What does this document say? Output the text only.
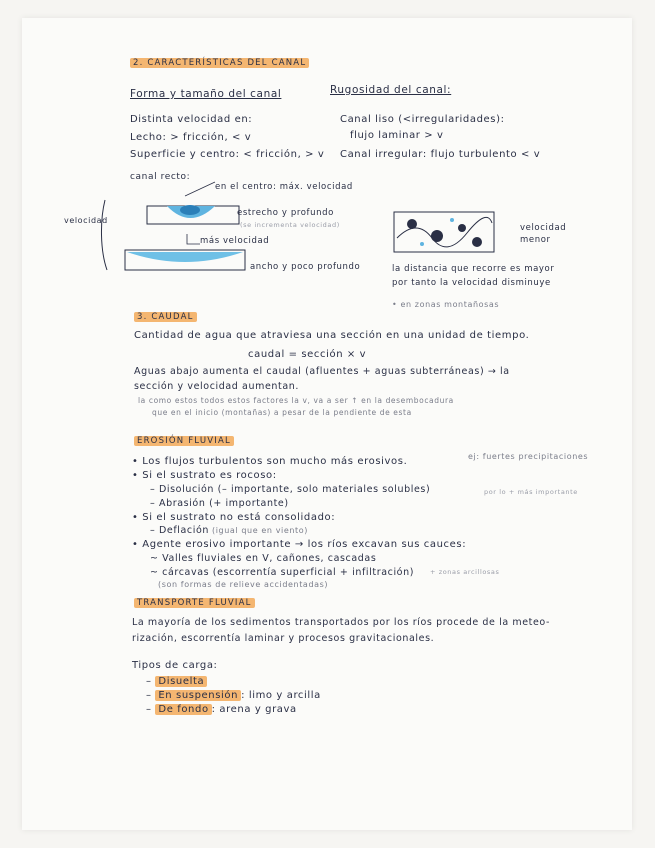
2. CARACTERÍSTICAS DEL CANAL
Forma y tamaño del canal	Rugosidad del canal:
Distinta velocidad en:
Lecho: > fricción, < v
Superficie y centro: < fricción, > v
Canal liso (<irregularidades):
flujo laminar > v
Canal irregular: flujo turbulento < v
canal recto:
en el centro: máx. velocidad
estrecho y profundo
(se incrementa velocidad)
más velocidad
ancho y poco profundo
velocidad
velocidad menor
la distancia que recorre es mayor
por tanto la velocidad disminuye
• en zonas montañosas
3. CAUDAL
Cantidad de agua que atraviesa una sección en una unidad de tiempo.
caudal = sección × v
Aguas abajo aumenta el caudal (afluentes + aguas subterráneas) → la
sección y velocidad aumentan.
la como estos todos estos factores la v, va a ser ↑ en la desembocadura
que en el inicio (montañas) a pesar de la pendiente de esta
EROSIÓN FLUVIAL
• Los flujos turbulentos son mucho más erosivos.	ej: fuertes precipitaciones
• Si el sustrato es rocoso:
– Disolución (– importante, solo materiales solubles)
– Abrasión (+ importante)
por lo + más importante
• Si el sustrato no está consolidado:
– Deflación (igual que en viento)
• Agente erosivo importante → los ríos excavan sus cauces:
~ Valles fluviales en V, cañones, cascadas
~ cárcavas (escorrentía superficial + infiltración) + zonas arcillosas
(son formas de relieve accidentadas)
TRANSPORTE FLUVIAL
La mayoría de los sedimentos transportados por los ríos procede de la meteo-
rización, escorrentía laminar y procesos gravitacionales.
Tipos de carga:
– Disuelta
– En suspensión : limo y arcilla
– De fondo : arena y grava
